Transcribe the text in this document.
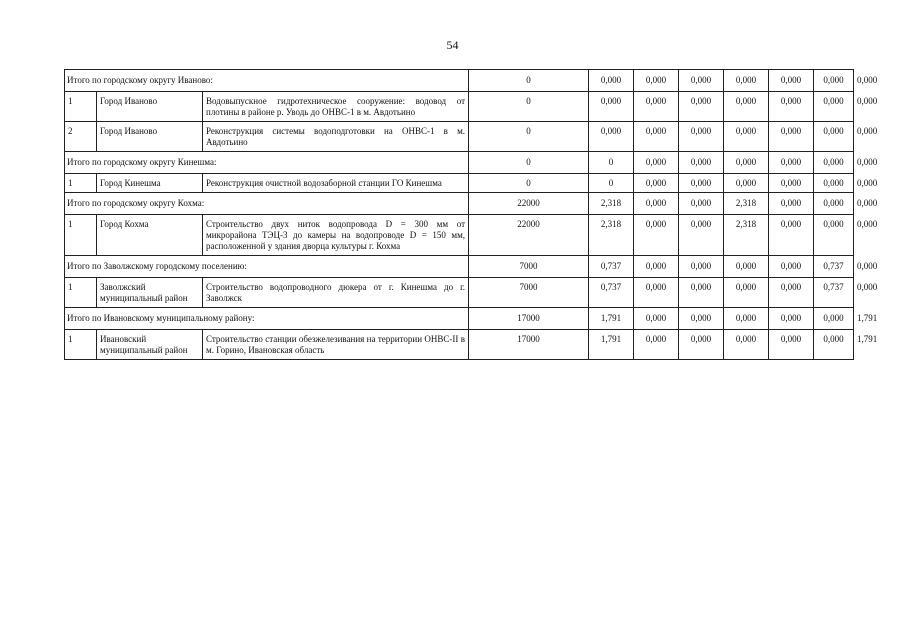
54
Итого по городскому округу Иваново:			0	0,000	0,000	0,000	0,000	0,000	0,000	0,000
1	Город Иваново	Водовыпускное гидротехническое сооружение: водовод от плотины в районе р. Уводь до ОНВС-1 в м. Авдотьино	0	0,000	0,000	0,000	0,000	0,000	0,000	0,000
2	Город Иваново	Реконструкция системы водоподготовки на ОНВС-1 в м. Авдотьино	0	0,000	0,000	0,000	0,000	0,000	0,000	0,000
Итого по городскому округу Кинешма:			0	0	0,000	0,000	0,000	0,000	0,000	0,000
1	Город Кинешма	Реконструкция очистной водозаборной станции ГО Кинешма	0	0	0,000	0,000	0,000	0,000	0,000	0,000
Итого по городскому округу Кохма:			22000	2,318	0,000	0,000	2,318	0,000	0,000	0,000
1	Город Кохма	Строительство двух ниток водопровода D = 300 мм от микрорайона ТЭЦ-3 до камеры на водопроводе D = 150 мм, расположенной у здания дворца культуры г. Кохма	22000	2,318	0,000	0,000	2,318	0,000	0,000	0,000
Итого по Заволжскому городскому поселению:			7000	0,737	0,000	0,000	0,000	0,000	0,737	0,000
1	Заволжский муниципальный район	Строительство водопроводного дюкера от г. Кинешма до г. Заволжск	7000	0,737	0,000	0,000	0,000	0,000	0,737	0,000
Итого по Ивановскому муниципальному району:			17000	1,791	0,000	0,000	0,000	0,000	0,000	1,791
1	Ивановский муниципальный район	Строительство станции обезжелезивания на территории ОНВС-II в м. Горино, Ивановская область	17000	1,791	0,000	0,000	0,000	0,000	0,000	1,791
